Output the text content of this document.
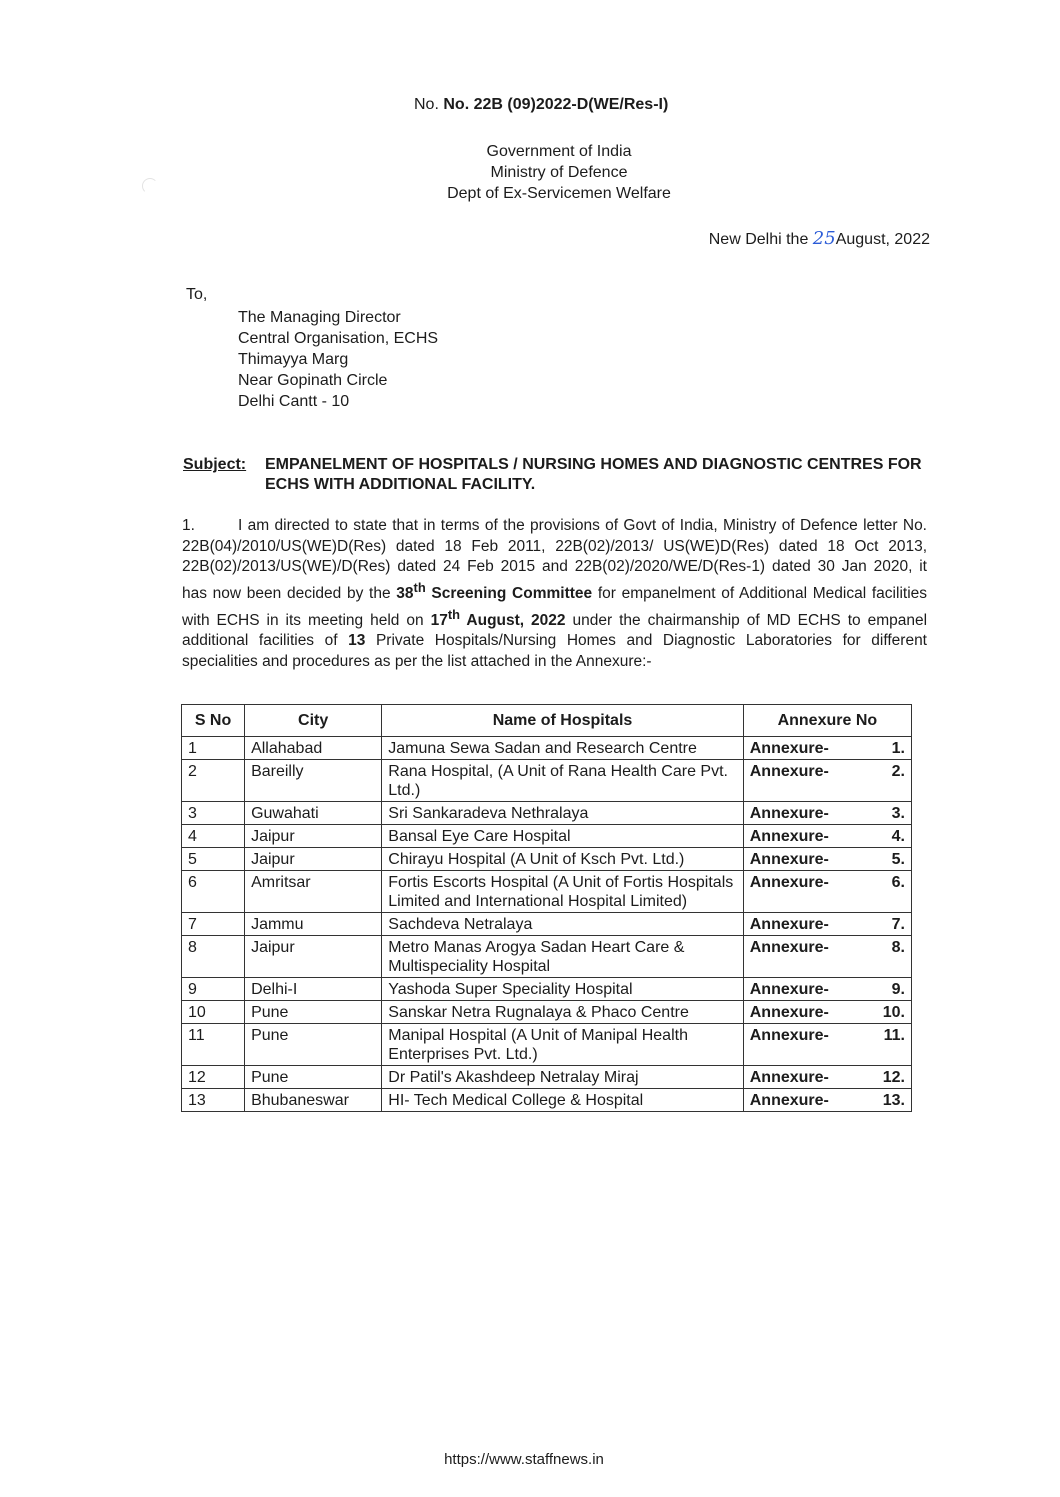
No. No. 22B (09)2022-D(WE/Res-I)
Government of India
Ministry of Defence
Dept of Ex-Servicemen Welfare
New Delhi the 25August, 2022
To,
The Managing Director
Central Organisation, ECHS
Thimayya Marg
Near Gopinath Circle
Delhi Cantt - 10
Subject: EMPANELMENT OF HOSPITALS / NURSING HOMES AND DIAGNOSTIC CENTRES FOR ECHS WITH ADDITIONAL FACILITY.
1.	I am directed to state that in terms of the provisions of Govt of India, Ministry of Defence letter No. 22B(04)/2010/US(WE)D(Res) dated 18 Feb 2011, 22B(02)/2013/ US(WE)D(Res) dated 18 Oct 2013, 22B(02)/2013/US(WE)/D(Res) dated 24 Feb 2015 and 22B(02)/2020/WE/D(Res-1) dated 30 Jan 2020, it has now been decided by the 38th Screening Committee for empanelment of Additional Medical facilities with ECHS in its meeting held on 17th August, 2022 under the chairmanship of MD ECHS to empanel additional facilities of 13 Private Hospitals/Nursing Homes and Diagnostic Laboratories for different specialities and procedures as per the list attached in the Annexure:-
S No	City	Name of Hospitals	Annexure No
1	Allahabad	Jamuna Sewa Sadan and Research Centre	Annexure- 1.

2	Bareilly	Rana Hospital, (A Unit of Rana Health Care Pvt. Ltd.)	Annexure- 2.

3	Guwahati	Sri Sankaradeva Nethralaya	Annexure- 3.

4	Jaipur	Bansal Eye Care Hospital	Annexure- 4.

5	Jaipur	Chirayu Hospital (A Unit of Ksch Pvt. Ltd.)	Annexure- 5.

6	Amritsar	Fortis Escorts Hospital (A Unit of Fortis Hospitals Limited and International Hospital Limited)	Annexure- 6.

7	Jammu	Sachdeva Netralaya	Annexure- 7.

8	Jaipur	Metro Manas Arogya Sadan Heart Care & Multispeciality Hospital	Annexure- 8.

9	Delhi-I	Yashoda Super Speciality Hospital	Annexure- 9.

10	Pune	Sanskar Netra Rugnalaya & Phaco Centre	Annexure- 10.

11	Pune	Manipal Hospital (A Unit of Manipal Health Enterprises Pvt. Ltd.)	Annexure- 11.

12	Pune	Dr Patil's Akashdeep Netralay Miraj	Annexure- 12.

13	Bhubaneswar	HI- Tech Medical College & Hospital	Annexure- 13.
https://www.staffnews.in
